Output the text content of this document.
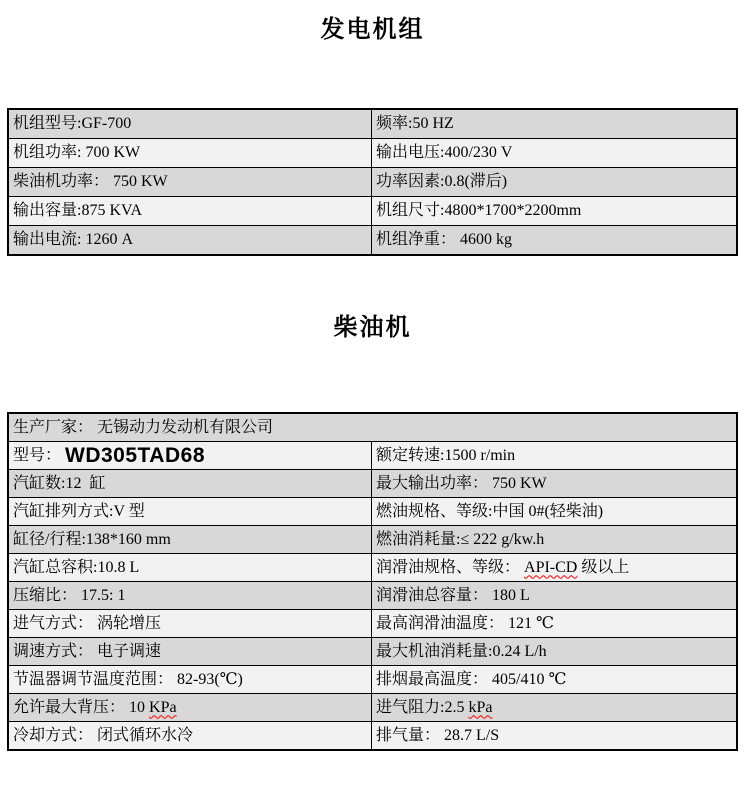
发电机组
机组型号:GF-700	频率:50 HZ
机组功率: 700 KW	输出电压:400/230 V
柴油机功率： 750 KW	功率因素:0.8(滞后)
输出容量:875 KVA	机组尺寸:4800*1700*2200mm
输出电流: 1260 A	机组净重： 4600 kg
柴油机
生产厂家： 无锡动力发动机有限公司
型号： WD305TAD68	额定转速:1500 r/min
汽缸数:12  缸	最大输出功率： 750 KW
汽缸排列方式:V 型	燃油规格、等级:中国 0#(轻柴油)
缸径/行程:138*160 mm	燃油消耗量:≤ 222 g/kw.h
汽缸总容积:10.8 L	润滑油规格、等级： API-CD 级以上
压缩比： 17.5: 1	润滑油总容量： 180 L
进气方式： 涡轮增压	最高润滑油温度： 121 ℃
调速方式： 电子调速	最大机油消耗量:0.24 L/h
节温器调节温度范围： 82-93(℃)	排烟最高温度： 405/410 ℃
允许最大背压： 10 KPa	进气阻力:2.5 kPa
冷却方式： 闭式循环水冷	排气量： 28.7 L/S
